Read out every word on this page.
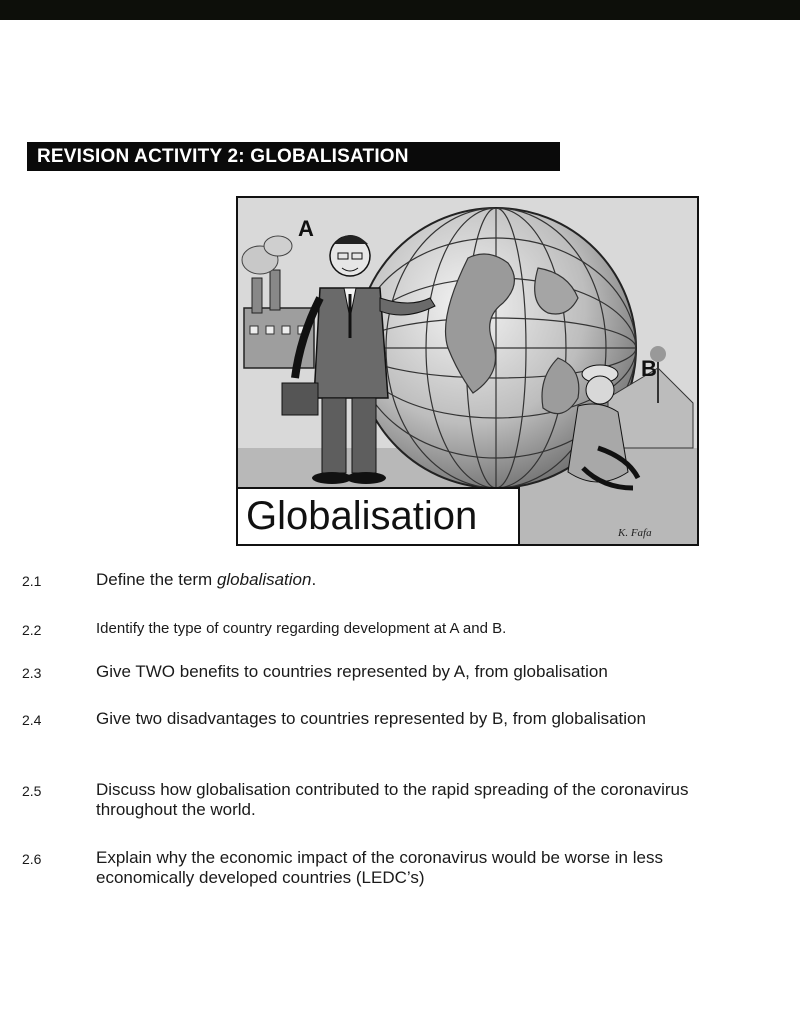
REVISION ACTIVITY 2: GLOBALISATION
A
B
K. Fafa
Globalisation
2.1	Define the term globalisation.
2.2	Identify the type of country regarding development at A and B.
2.3	Give TWO benefits to countries represented by A, from globalisation
2.4	Give two disadvantages to countries represented by B, from globalisation
2.5	Discuss how globalisation contributed to the rapid spreading of the coronavirus throughout the world.
2.6	Explain why the economic impact of the coronavirus would be worse in less economically developed countries (LEDC’s)
